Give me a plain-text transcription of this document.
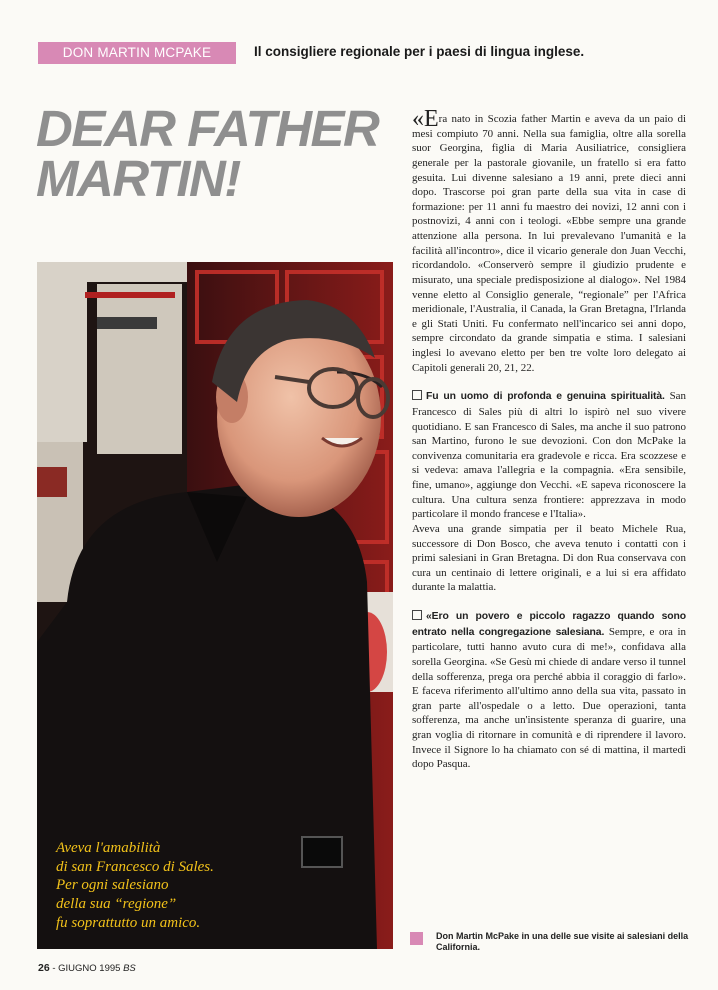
DON MARTIN MCPAKE	Il consigliere regionale per i paesi di lingua inglese.
DEAR FATHER
MARTIN!
Aveva l'amabilità
di san Francesco di Sales.
Per ogni salesiano
della sua “regione”
fu soprattutto un amico.

«Era nato in Scozia father Martin e aveva da un paio di mesi compiuto 70 anni. Nella sua famiglia, oltre alla sorella suor Georgina, figlia di Maria Ausiliatrice, consigliera generale per la pastorale giovanile, un fratello si era fatto gesuita. Lui divenne salesiano a 19 anni, prete dieci anni dopo. Trascorse poi gran parte della sua vita in case di formazione: per 11 anni fu maestro dei novizi, 12 anni con i postnovizi, 4 anni con i teologi. «Ebbe sempre una grande attenzione alla persona. In lui prevalevano l'umanità e la facilità all'incontro», dice il vicario generale don Juan Vecchi, ricordandolo. «Conserverò sempre il giudizio prudente e misurato, una speciale predisposizione al dialogo». Nel 1984 venne eletto al Consiglio generale, “regionale” per l'Africa meridionale, l'Australia, il Canada, la Gran Bretagna, l'Irlanda e gli Stati Uniti. Fu confermato nell'incarico sei anni dopo, sempre circondato da grande simpatia e stima. I salesiani inglesi lo avevano eletto per ben tre volte loro delegato ai Capitoli generali 20, 21, 22.

Fu un uomo di profonda e genuina spiritualità. San Francesco di Sales più di altri lo ispirò nel suo vivere quotidiano. E san Francesco di Sales, ma anche il suo patrono san Martino, furono le sue devozioni. Con don McPake la convivenza comunitaria era gradevole e ricca. Era scozzese e si vedeva: amava l'allegria e la compagnia. «Era sensibile, fine, umano», aggiunge don Vecchi. «E sapeva riconoscere la cultura. Una cultura senza frontiere: apprezzava in modo particolare il mondo francese e l'Italia».

Aveva una grande simpatia per il beato Michele Rua, successore di Don Bosco, che aveva tenuto i contatti con i primi salesiani in Gran Bretagna. Di don Rua conservava con cura un centinaio di lettere originali, e a lui si era affidato durante la malattia.

«Ero un povero e piccolo ragazzo quando sono entrato nella congregazione salesiana. Sempre, e ora in particolare, tutti hanno avuto cura di me!», confidava alla sorella Georgina. «Se Gesù mi chiede di andare verso il tunnel della sofferenza, prega ora perché abbia il coraggio di farlo». E faceva riferimento all'ultimo anno della sua vita, passato in gran parte all'ospedale o a letto. Due operazioni, tanta sofferenza, ma anche un'insistente speranza di guarire, una gran voglia di ritornare in comunità e di riprendere il lavoro. Invece il Signore lo ha chiamato con sé di mattina, il martedì dopo Pasqua.

Don Martin McPake in una delle sue visite ai salesiani della California.
26 - GIUGNO 1995 BS
